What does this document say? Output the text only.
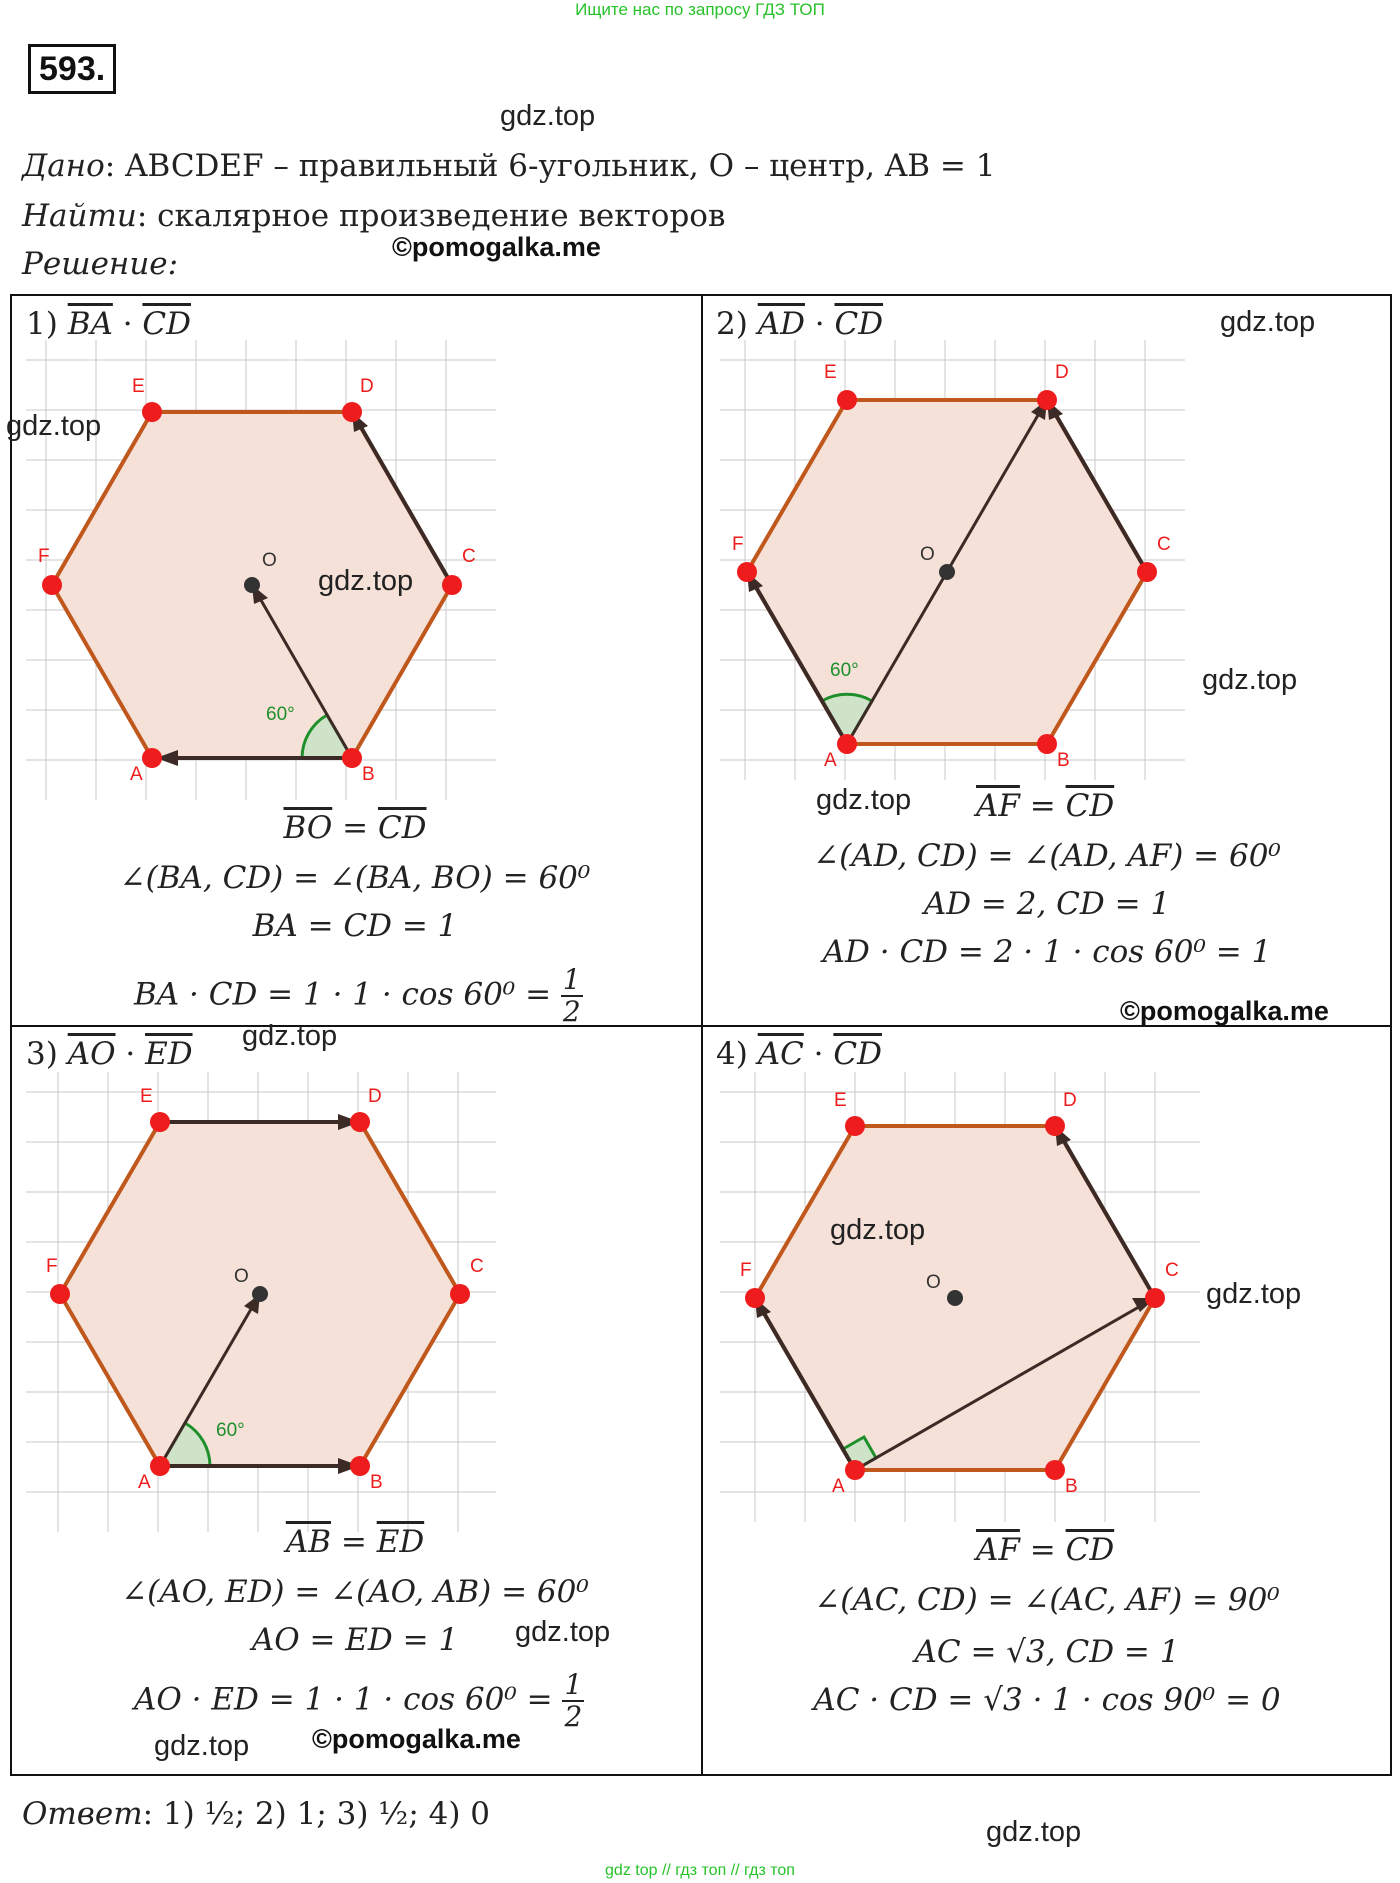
Ищите нас по запросу ГДЗ ТОП
593.
gdz.top
Дано: ABCDEF – правильный 6-угольник, O – центр, AB = 1
Найти: скалярное произведение векторов
©pomogalka.me
Решение:
1) $\overline{BA} \cdot \overline{CD}$
A	B
C
D
E
F	O
60°
gdz.top
gdz.top
$\overline{BO} = \overline{CD}$
∠(BA, CD) = ∠(BA, BO) = 60⁰
BA = CD = 1
BA · CD = $1 \cdot 1 \cdot \cos 60^0 = \frac{1}{2}$
2) $\overline{AD} \cdot \overline{CD}$	gdz.top
A	B
C
D
E
F	O
60°	gdz.top
gdz.top $\overline{AF} = \overline{CD}$
∠(AD, CD) = ∠(AD, AF) = 60⁰
AD = 2, CD = 1
AD · CD = 2 · 1 · cos 60⁰ = 1
©pomogalka.me
gdz.top
3) $\overline{AO} \cdot \overline{ED}$
A	B
C
D
E
F	O
60°
$\overline{AB} = \overline{ED}$
∠(AO, ED) = ∠(AO, AB) = 60⁰
AO = ED = 1	gdz.top
AO · ED = $1 \cdot 1 \cdot \cos 60^0 = \frac{1}{2}$
gdz.top ©pomogalka.me
4) $\overline{AC} \cdot \overline{CD}$
A	B
C
D
E
F
O
gdz.top
gdz.top
$\overline{AF} = \overline{CD}$
∠(AC, CD) = ∠(AC, AF) = 90⁰
AC = √3, CD = 1
AC · CD = √3 · 1 · cos 90⁰ = 0
Ответ: 1) ½; 2) 1; 3) ½; 4) 0	gdz.top
gdz top // гдз топ // гдз топ
